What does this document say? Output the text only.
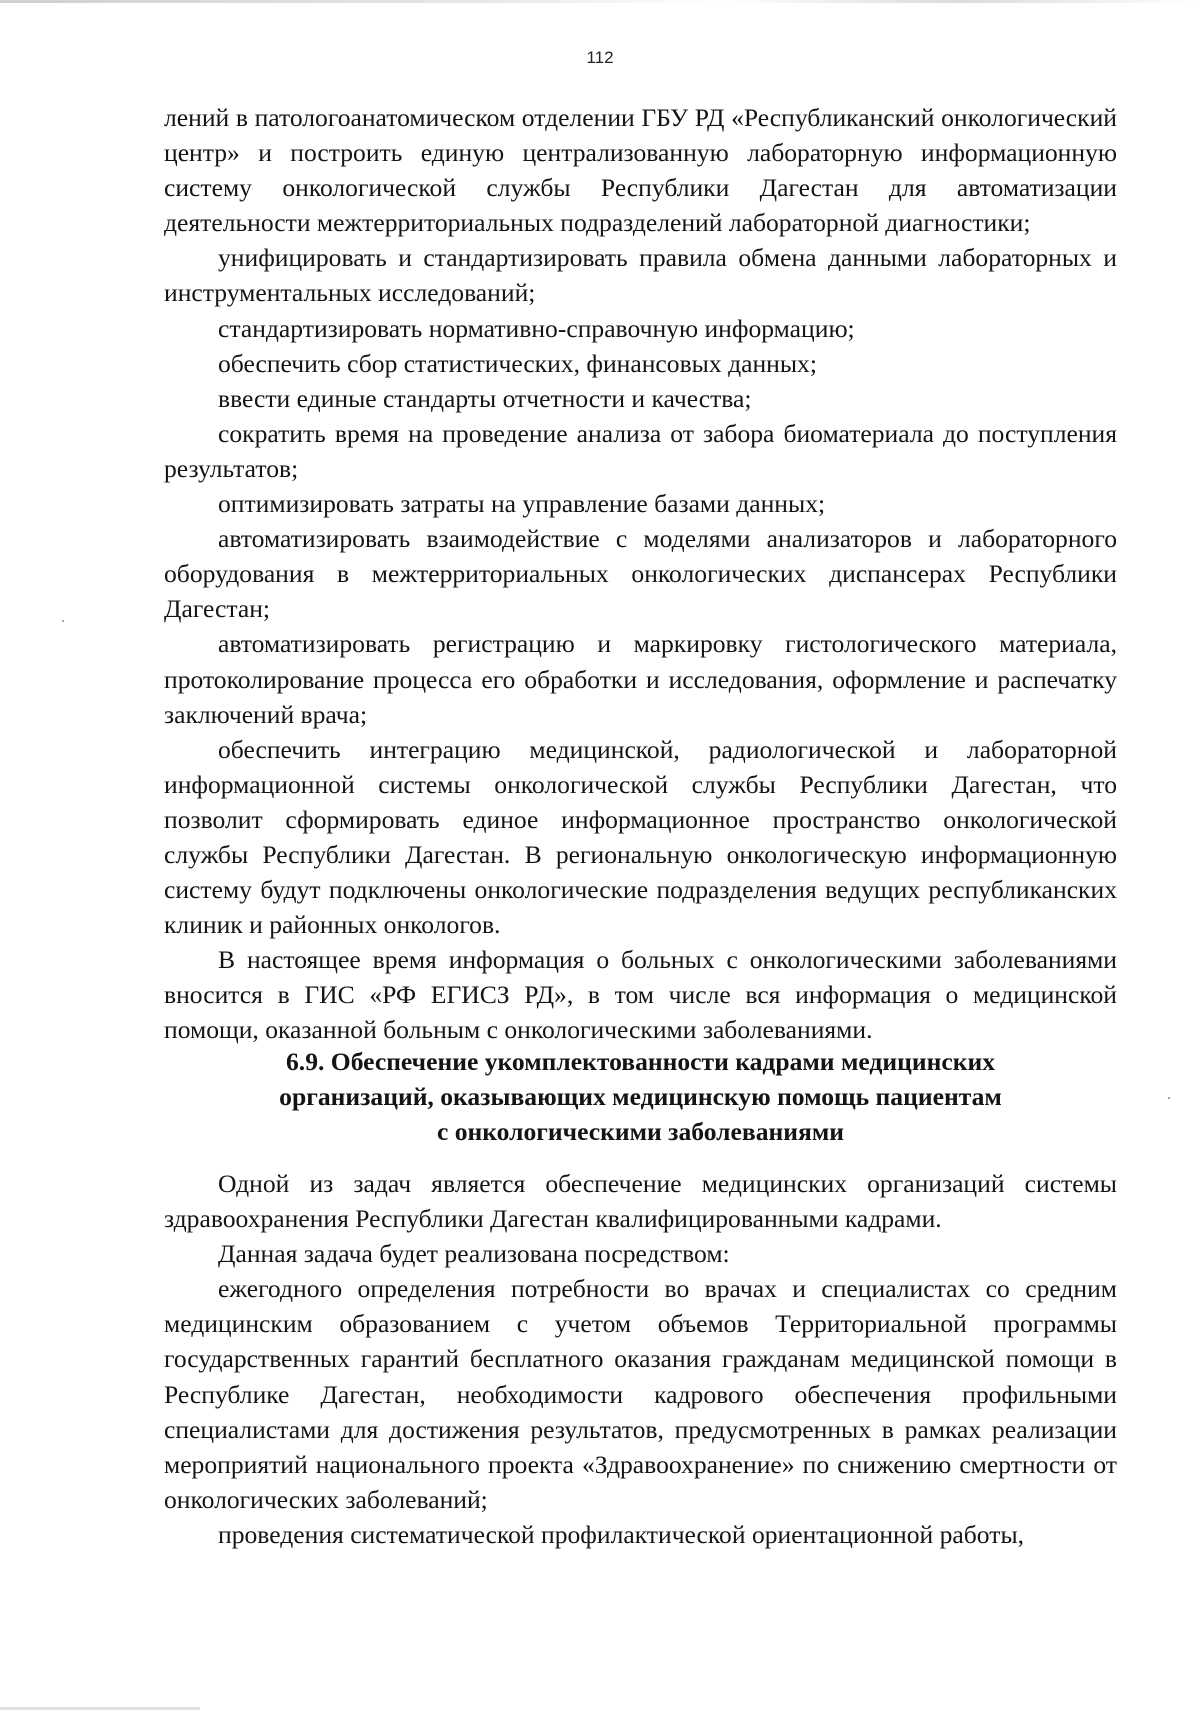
112

лений в патологоанатомическом отделении ГБУ РД «Республиканский онкологический центр» и построить единую централизованную лабораторную информационную систему онкологической службы Республики Дагестан для автоматизации деятельности межтерриториальных подразделений лабораторной диагностики;

унифицировать и стандартизировать правила обмена данными лабораторных и инструментальных исследований;

стандартизировать нормативно-справочную информацию;

обеспечить сбор статистических, финансовых данных;

ввести единые стандарты отчетности и качества;

сократить время на проведение анализа от забора биоматериала до поступления результатов;

оптимизировать затраты на управление базами данных;

автоматизировать взаимодействие с моделями анализаторов и лабораторного оборудования в межтерриториальных онкологических диспансерах Республики Дагестан;

автоматизировать регистрацию и маркировку гистологического материала, протоколирование процесса его обработки и исследования, оформление и распечатку заключений врача;

обеспечить интеграцию медицинской, радиологической и лабораторной информационной системы онкологической службы Республики Дагестан, что позволит сформировать единое информационное пространство онкологической службы Республики Дагестан. В региональную онкологическую информационную систему будут подключены онкологические подразделения ведущих республиканских клиник и районных онкологов.

В настоящее время информация о больных с онкологическими заболеваниями вносится в ГИС «РФ ЕГИСЗ РД», в том числе вся информация о медицинской помощи, оказанной больным с онкологическими заболеваниями.

6.9. Обеспечение укомплектованности кадрами медицинских
организаций, оказывающих медицинскую помощь пациентам
с онкологическими заболеваниями

Одной из задач является обеспечение медицинских организаций системы здравоохранения Республики Дагестан квалифицированными кадрами.

Данная задача будет реализована посредством:

ежегодного определения потребности во врачах и специалистах со средним медицинским образованием с учетом объемов Территориальной программы государственных гарантий бесплатного оказания гражданам медицинской помощи в Республике Дагестан, необходимости кадрового обеспечения профильными специалистами для достижения результатов, предусмотренных в рамках реализации мероприятий национального проекта «Здравоохранение» по снижению смертности от онкологических заболеваний;

проведения систематической профилактической ориентационной работы,
